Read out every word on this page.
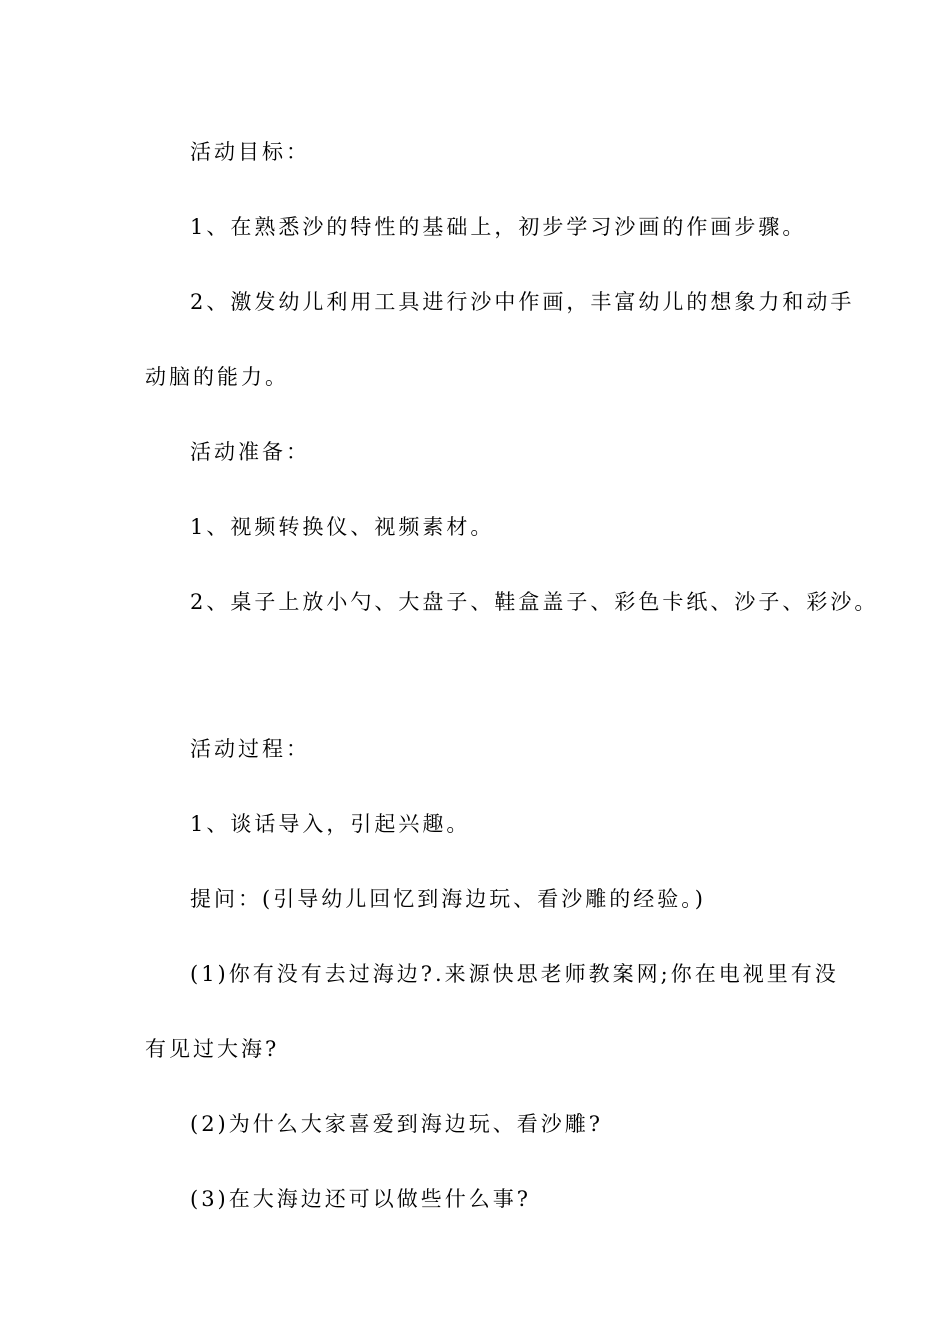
活动目标：
1、在熟悉沙的特性的基础上，初步学习沙画的作画步骤。
2、激发幼儿利用工具进行沙中作画，丰富幼儿的想象力和动手
动脑的能力。
活动准备：
1、视频转换仪、视频素材。
2、桌子上放小勺、大盘子、鞋盒盖子、彩色卡纸、沙子、彩沙。
活动过程：
1、谈话导入，引起兴趣。
提问：(引导幼儿回忆到海边玩、看沙雕的经验。)
(1)你有没有去过海边?.来源快思老师教案网;你在电视里有没
有见过大海?
(2)为什么大家喜爱到海边玩、看沙雕?
(3)在大海边还可以做些什么事?
